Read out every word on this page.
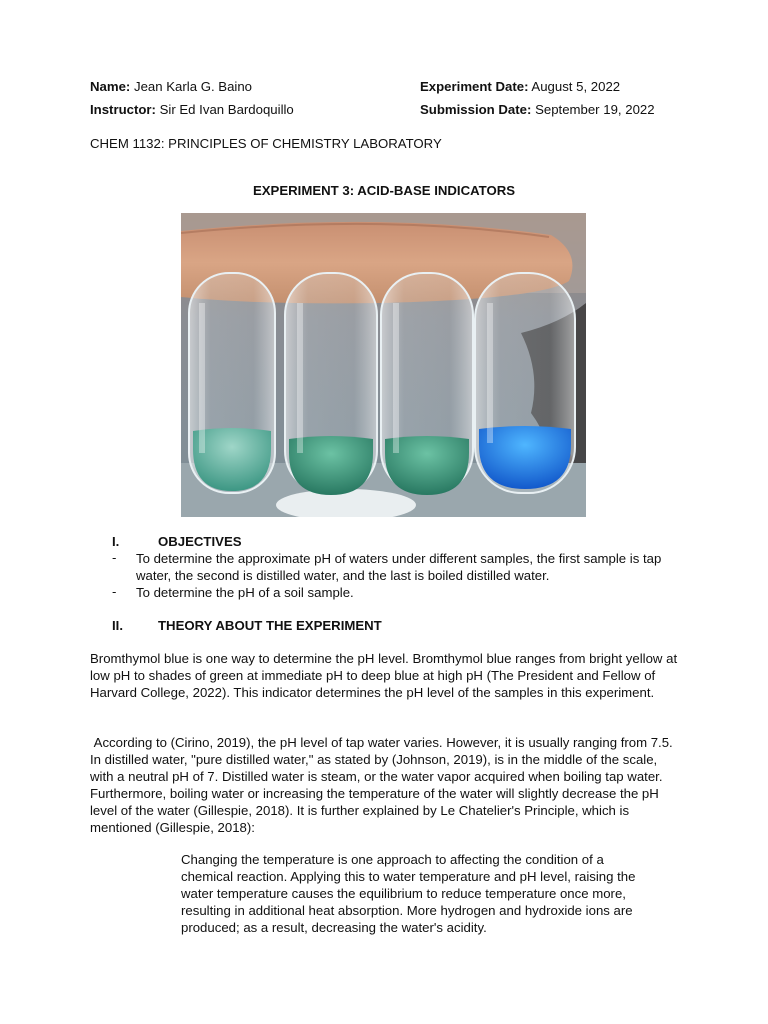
Name: Jean Karla G. Baino	Experiment Date: August 5, 2022
Instructor: Sir Ed Ivan Bardoquillo	Submission Date: September 19, 2022
CHEM 1132: PRINCIPLES OF CHEMISTRY LABORATORY
EXPERIMENT 3: ACID-BASE INDICATORS
I.	OBJECTIVES
- To determine the approximate pH of waters under different samples, the first sample is tap water, the second is distilled water, and the last is boiled distilled water.
- To determine the pH of a soil sample.
II.	THEORY ABOUT THE EXPERIMENT
Bromthymol blue is one way to determine the pH level. Bromthymol blue ranges from bright yellow at low pH to shades of green at immediate pH to deep blue at high pH (The President and Fellow of Harvard College, 2022). This indicator determines the pH level of the samples in this experiment.
According to (Cirino, 2019), the pH level of tap water varies. However, it is usually ranging from 7.5. In distilled water, "pure distilled water," as stated by (Johnson, 2019), is in the middle of the scale, with a neutral pH of 7. Distilled water is steam, or the water vapor acquired when boiling tap water. Furthermore, boiling water or increasing the temperature of the water will slightly decrease the pH level of the water (Gillespie, 2018). It is further explained by Le Chatelier's Principle, which is mentioned (Gillespie, 2018):
Changing the temperature is one approach to affecting the condition of a chemical reaction. Applying this to water temperature and pH level, raising the water temperature causes the equilibrium to reduce temperature once more, resulting in additional heat absorption. More hydrogen and hydroxide ions are produced; as a result, decreasing the water's acidity.
